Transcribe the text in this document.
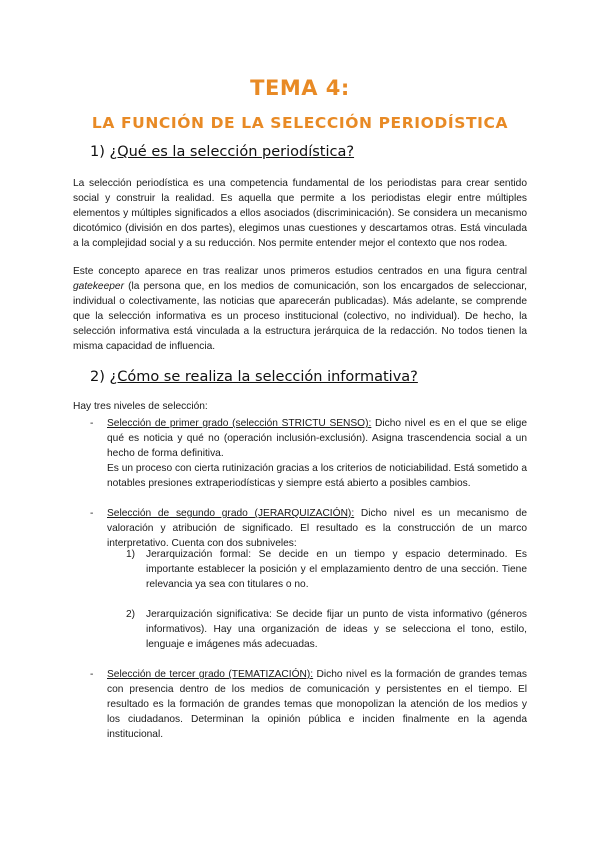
TEMA 4:
LA FUNCIÓN DE LA SELECCIÓN PERIODÍSTICA
1) ¿Qué es la selección periodística?

La selección periodística es una competencia fundamental de los periodistas para crear sentido social y construir la realidad. Es aquella que permite a los periodistas elegir entre múltiples elementos y múltiples significados a ellos asociados (discriminicación). Se considera un mecanismo dicotómico (división en dos partes), elegimos unas cuestiones y descartamos otras. Está vinculada a la complejidad social y a su reducción. Nos permite entender mejor el contexto que nos rodea.

Este concepto aparece en tras realizar unos primeros estudios centrados en una figura central gatekeeper (la persona que, en los medios de comunicación, son los encargados de seleccionar, individual o colectivamente, las noticias que aparecerán publicadas). Más adelante, se comprende que la selección informativa es un proceso institucional (colectivo, no individual). De hecho, la selección informativa está vinculada a la estructura jerárquica de la redacción. No todos tienen la misma capacidad de influencia.

2) ¿Cómo se realiza la selección informativa?
Hay tres niveles de selección:
- Selección de primer grado (selección STRICTU SENSO): Dicho nivel es en el que se elige qué es noticia y qué no (operación inclusión-exclusión). Asigna trascendencia social a un hecho de forma definitiva.

Es un proceso con cierta rutinización gracias a los criterios de noticiabilidad. Está sometido a notables presiones extraperiodísticas y siempre está abierto a posibles cambios.

- Selección de segundo grado (JERARQUIZACIÓN): Dicho nivel es un mecanismo de valoración y atribución de significado. El resultado es la construcción de un marco interpretativo. Cuenta con dos subniveles:

1) Jerarquización formal: Se decide en un tiempo y espacio determinado. Es importante establecer la posición y el emplazamiento dentro de una sección. Tiene relevancia ya sea con titulares o no.
2) Jerarquización significativa: Se decide fijar un punto de vista informativo (géneros informativos). Hay una organización de ideas y se selecciona el tono, estilo, lenguaje e imágenes más adecuadas.
- Selección de tercer grado (TEMATIZACIÓN): Dicho nivel es la formación de grandes temas con presencia dentro de los medios de comunicación y persistentes en el tiempo. El resultado es la formación de grandes temas que monopolizan la atención de los medios y los ciudadanos. Determinan la opinión pública e inciden finalmente en la agenda institucional.
